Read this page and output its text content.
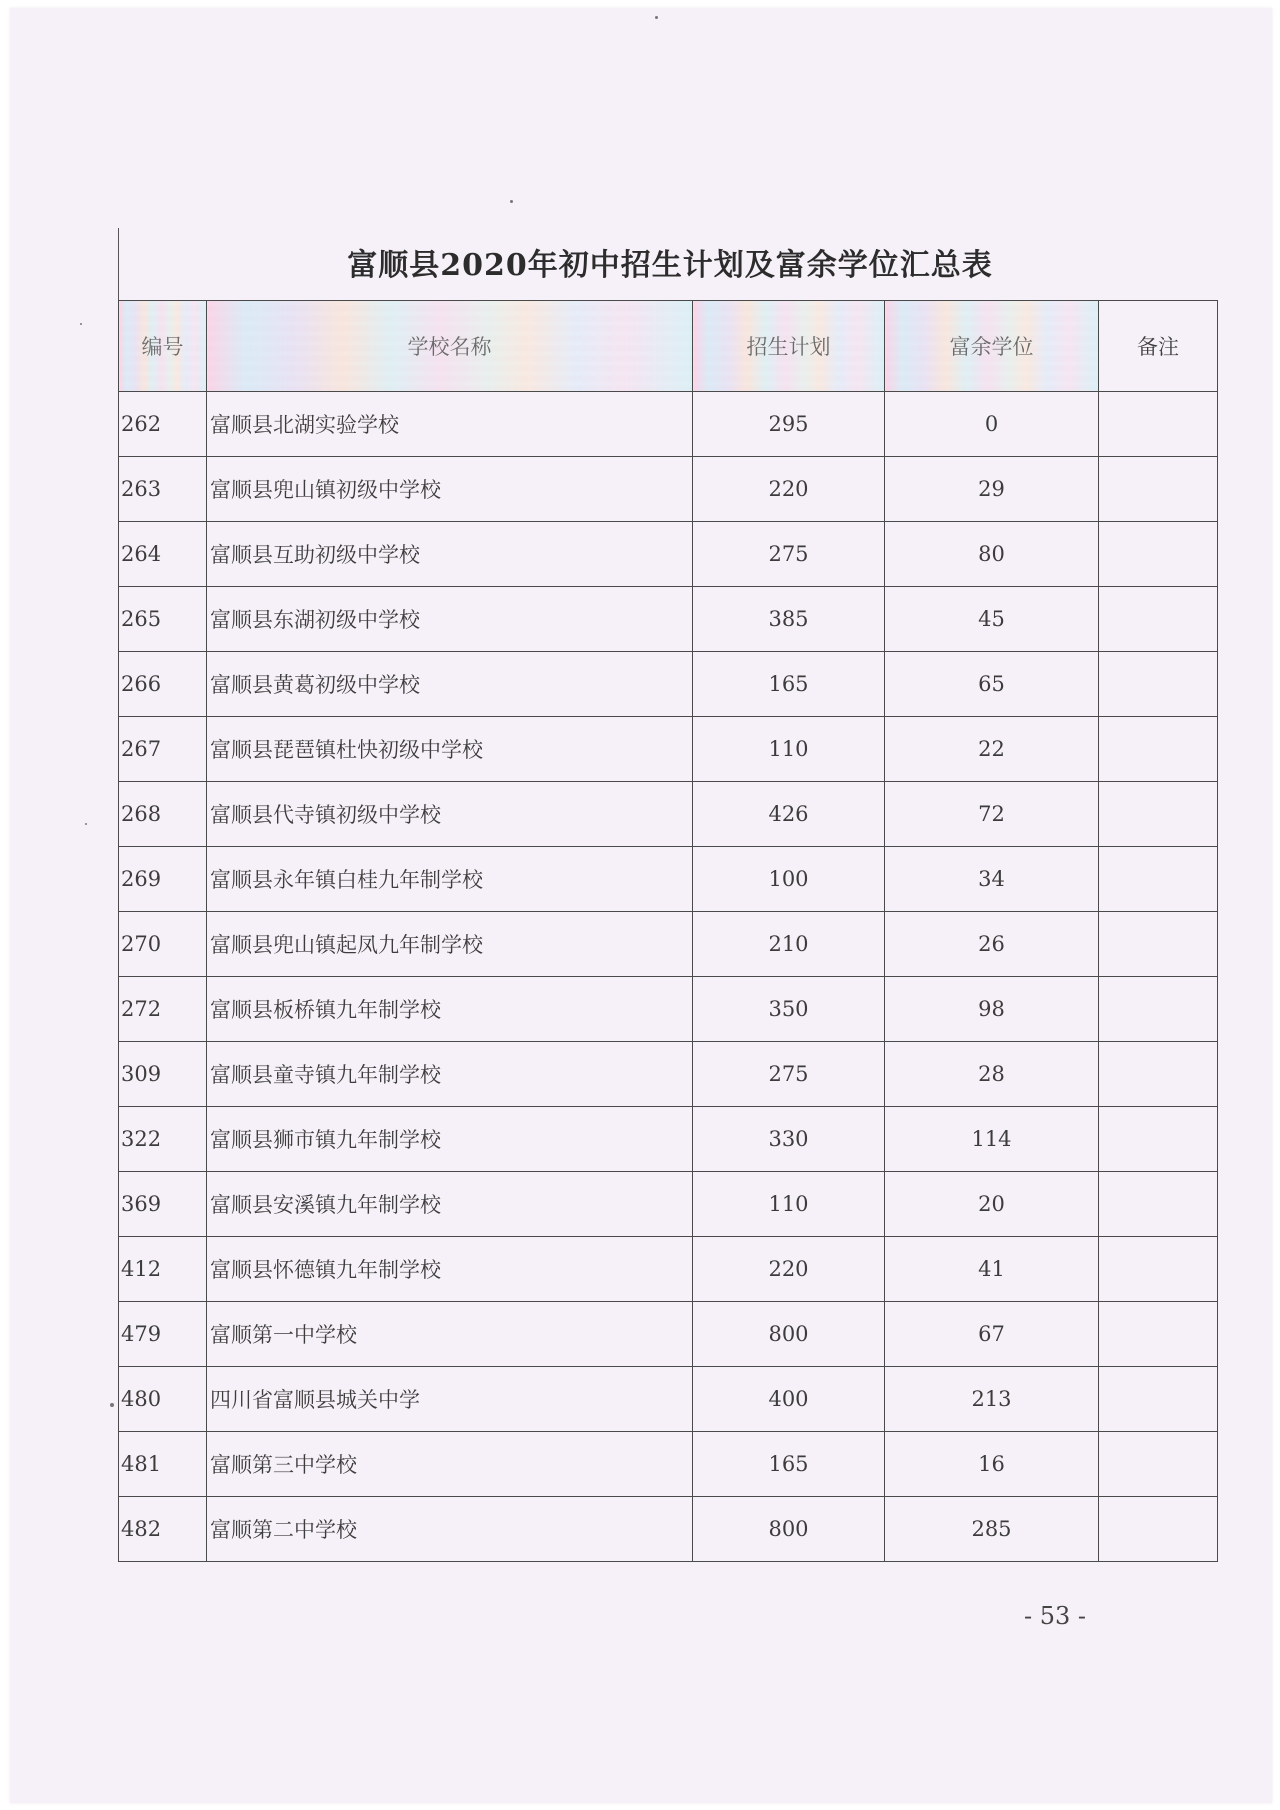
富顺县2020年初中招生计划及富余学位汇总表
编号	学校名称	招生计划	富余学位	备注
262	富顺县北湖实验学校	295	0	
263	富顺县兜山镇初级中学校	220	29	
264	富顺县互助初级中学校	275	80	
265	富顺县东湖初级中学校	385	45	
266	富顺县黄葛初级中学校	165	65	
267	富顺县琵琶镇杜快初级中学校	110	22	
268	富顺县代寺镇初级中学校	426	72	
269	富顺县永年镇白桂九年制学校	100	34	
270	富顺县兜山镇起凤九年制学校	210	26	
272	富顺县板桥镇九年制学校	350	98	
309	富顺县童寺镇九年制学校	275	28	
322	富顺县狮市镇九年制学校	330	114	
369	富顺县安溪镇九年制学校	110	20	
412	富顺县怀德镇九年制学校	220	41	
479	富顺第一中学校	800	67	
480	四川省富顺县城关中学	400	213	
481	富顺第三中学校	165	16	
482	富顺第二中学校	800	285	
- 53 -
